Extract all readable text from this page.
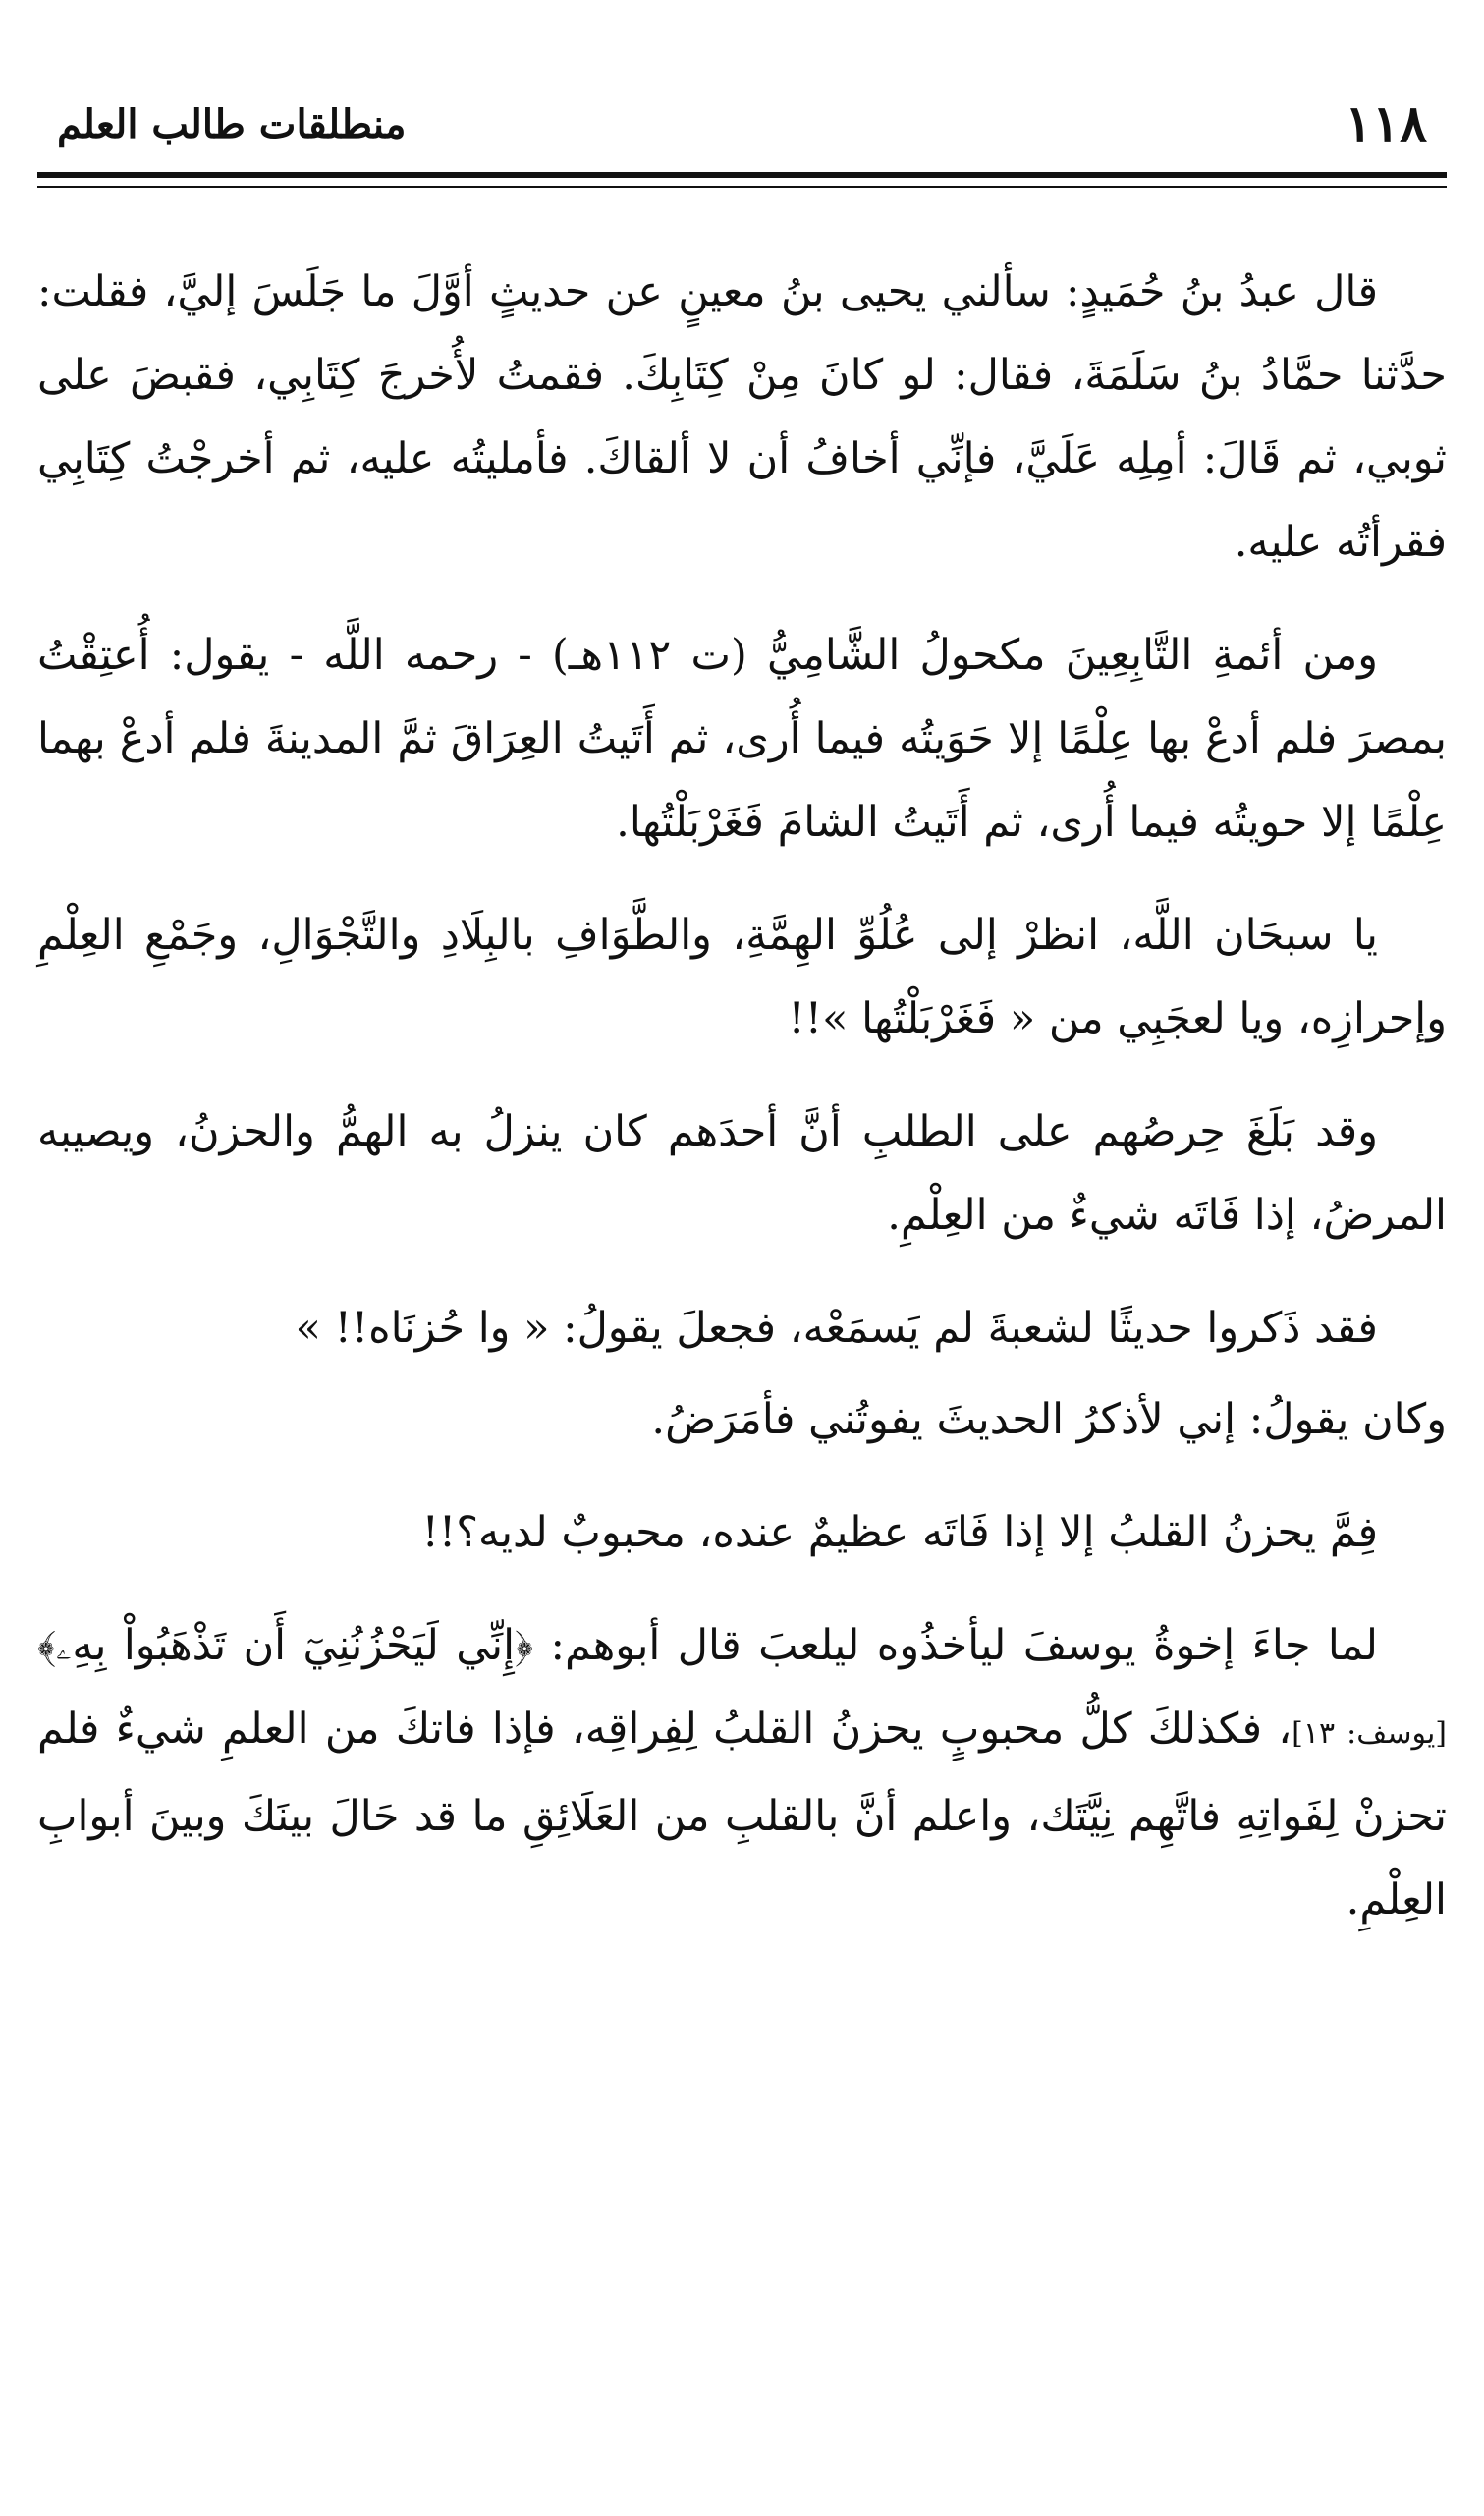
١١٨
منطلقات طالب العلم

قال عبدُ بنُ حُمَيدٍ: سألني يحيى بنُ معينٍ عن حديثٍ أوَّلَ ما جَلَسَ إليَّ، فقلت: حدَّثنا حمَّادُ بنُ سَلَمَةَ، فقال: لو كانَ مِنْ كِتَابِكَ. فقمتُ لأُخرجَ كِتَابِي، فقبضَ على ثوبي، ثم قَالَ: أمِلِه عَلَيَّ، فإنِّي أخافُ أن لا ألقاكَ. فأمليتُه عليه، ثم أخرجْتُ كِتَابِي فقرأتُه عليه.

ومن أئمةِ التَّابِعِينَ مكحولُ الشَّامِيُّ (ت ١١٢هـ) - رحمه اللَّه - يقول: أُعتِقْتُ بمصرَ فلم أدعْ بها عِلْمًا إلا حَوَيتُه فيما أُرى، ثم أَتَيتُ العِرَاقَ ثمَّ المدينةَ فلم أدعْ بهما عِلْمًا إلا حويتُه فيما أُرى، ثم أَتَيتُ الشامَ فَغَرْبَلْتُها.

يا سبحَان اللَّه، انظرْ إلى عُلُوِّ الهِمَّةِ، والطَّوَافِ بالبِلَادِ والتَّجْوَالِ، وجَمْعِ العِلْمِ وإحرازِه، ويا لعجَبِي من « فَغَرْبَلْتُها »!!

وقد بَلَغَ حِرصُهم على الطلبِ أنَّ أحدَهم كان ينزلُ به الهمُّ والحزنُ، ويصيبه المرضُ، إذا فَاتَه شيءٌ من العِلْمِ.

فقد ذَكروا حديثًا لشعبةَ لم يَسمَعْه، فجعلَ يقولُ: « وا حُزنَاه!! »

وكان يقولُ: إني لأذكرُ الحديثَ يفوتُني فأمَرَضُ.

فِمَّ يحزنُ القلبُ إلا إذا فَاتَه عظيمٌ عنده، محبوبٌ لديه؟!!

لما جاءَ إخوةُ يوسفَ ليأخذُوه ليلعبَ قال أبوهم: ﴿إِنِّي لَيَحْزُنُنِيٓ أَن تَذْهَبُواْ بِهِۦ﴾ [يوسف: ١٣]، فكذلكَ كلُّ محبوبٍ يحزنُ القلبُ لِفِراقِه، فإذا فاتكَ من العلمِ شيءٌ فلم تحزنْ لِفَواتِهِ فاتَّهِم نِيَّتَك، واعلم أنَّ بالقلبِ من العَلَائِقِ ما قد حَالَ بينَكَ وبينَ أبوابِ العِلْمِ.
